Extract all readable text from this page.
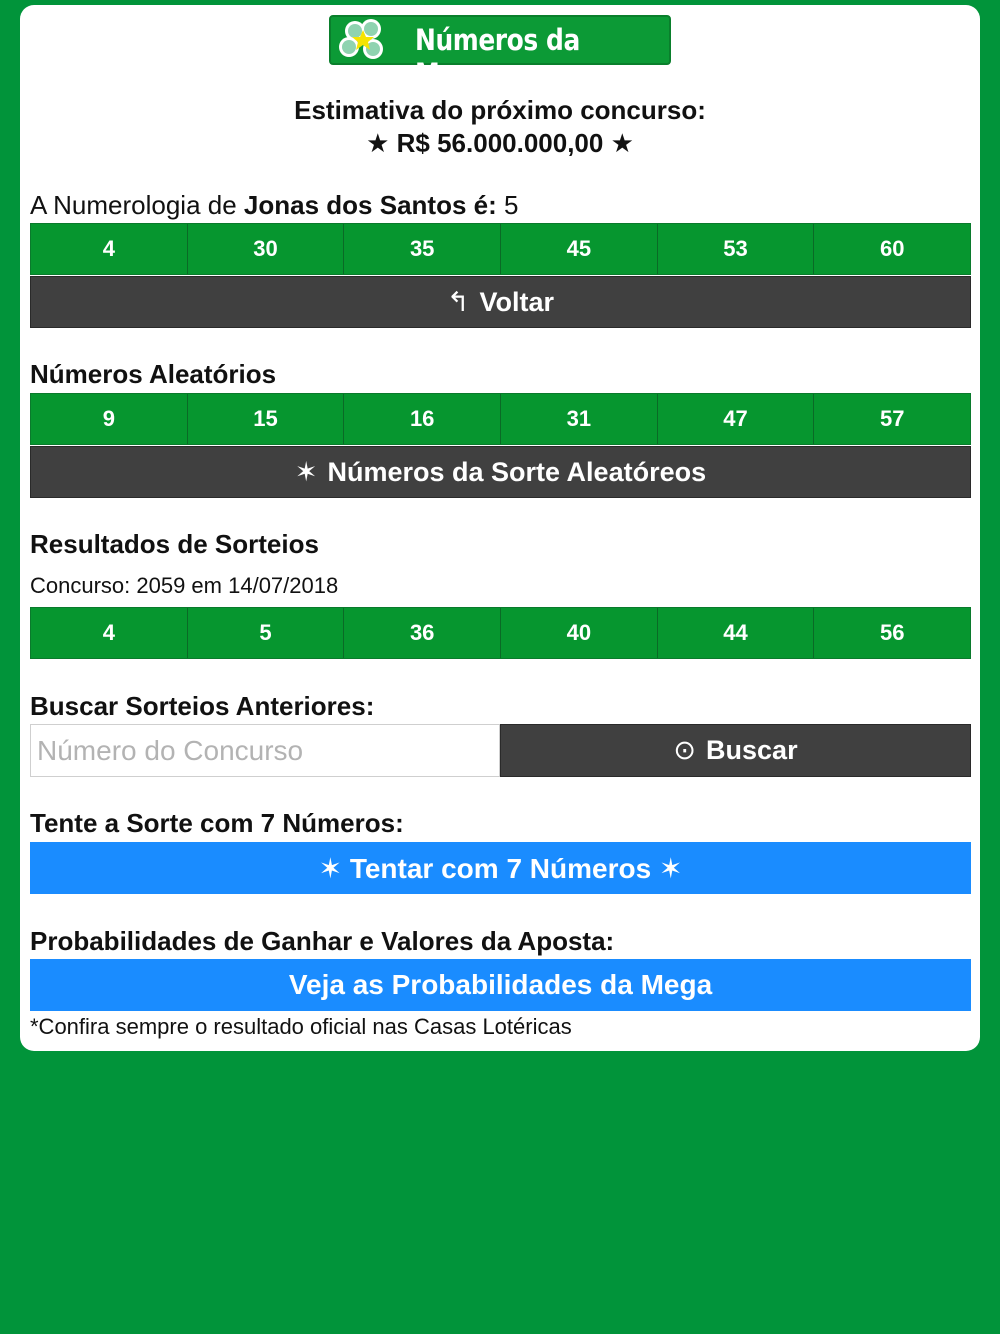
Números da Mega
Estimativa do próximo concurso:
★ R$ 56.000.000,00 ★
A Numerologia de Jonas dos Santos é: 5
4	30	35	45	53	60
↰ Voltar
Números Aleatórios
9	15	16	31	47	57
✶ Números da Sorte Aleatóreos
Resultados de Sorteios
Concurso: 2059 em 14/07/2018
4	5	36	40	44	56
Buscar Sorteios Anteriores:
Número do Concurso
⊙ Buscar
Tente a Sorte com 7 Números:
✶ Tentar com 7 Números ✶
Probabilidades de Ganhar e Valores da Aposta:
Veja as Probabilidades da Mega
*Confira sempre o resultado oficial nas Casas Lotéricas
